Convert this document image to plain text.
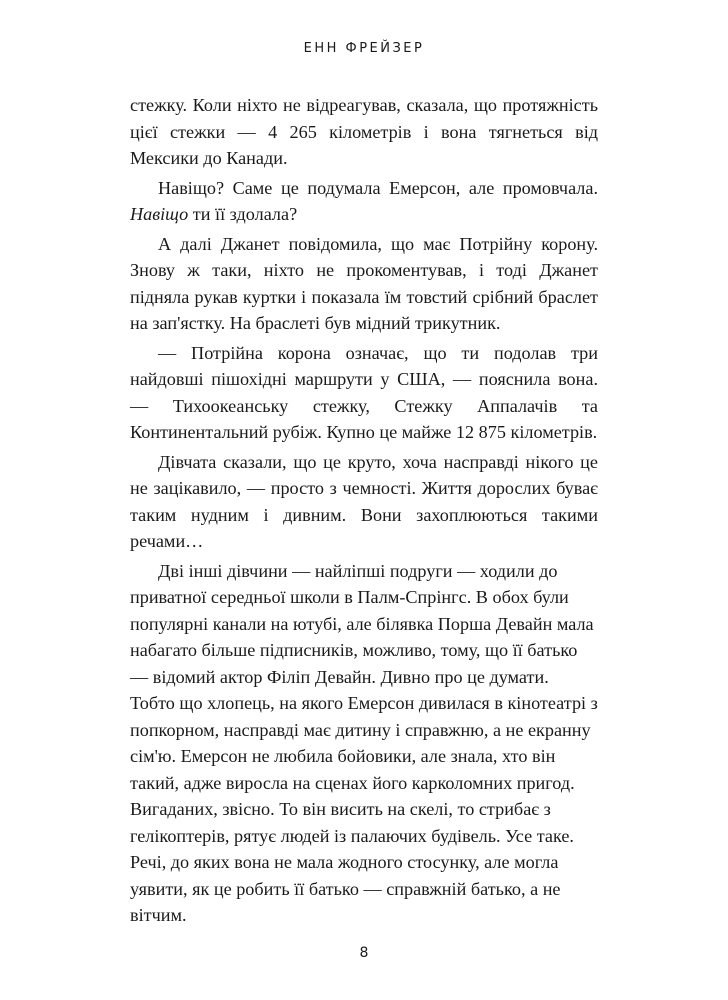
ЕНН ФРЕЙЗЕР

стежку. Коли ніхто не відреагував, сказала, що протяжність цієї стежки — 4 265 кілометрів і вона тягнеться від Мексики до Канади.

Навіщо? Саме це подумала Емерсон, але промовчала. Навіщо ти її здолала?

А далі Джанет повідомила, що має Потрійну корону. Знову ж таки, ніхто не прокоментував, і тоді Джанет підняла рукав куртки і показала їм товстий срібний браслет на зап'ястку. На браслеті був мідний трикутник.

— Потрійна корона означає, що ти подолав три найдовші пішохідні маршрути у США, — пояснила вона. — Тихоокеанську стежку, Стежку Аппалачів та Континентальний рубіж. Купно це майже 12 875 кілометрів.

Дівчата сказали, що це круто, хоча насправді нікого це не зацікавило, — просто з чемності. Життя дорослих буває таким нудним і дивним. Вони захоплюються такими речами…

Дві інші дівчини — найліпші подруги — ходили до приватної середньої школи в Палм-Спрінгс. В обох були популярні канали на ютубі, але білявка Порша Девайн мала набагато більше підписників, можливо, тому, що її батько — відомий актор Філіп Девайн. Дивно про це думати. Тобто що хлопець, на якого Емерсон дивилася в кінотеатрі з попкорном, насправді має дитину і справжню, а не екранну сім'ю. Емерсон не любила бойовики, але знала, хто він такий, адже виросла на сценах його карколомних пригод. Вигаданих, звісно. То він висить на скелі, то стрибає з гелікоптерів, рятує людей із палаючих будівель. Усе таке. Речі, до яких вона не мала жодного стосунку, але могла уявити, як це робить її батько — справжній батько, а не вітчим.

8
